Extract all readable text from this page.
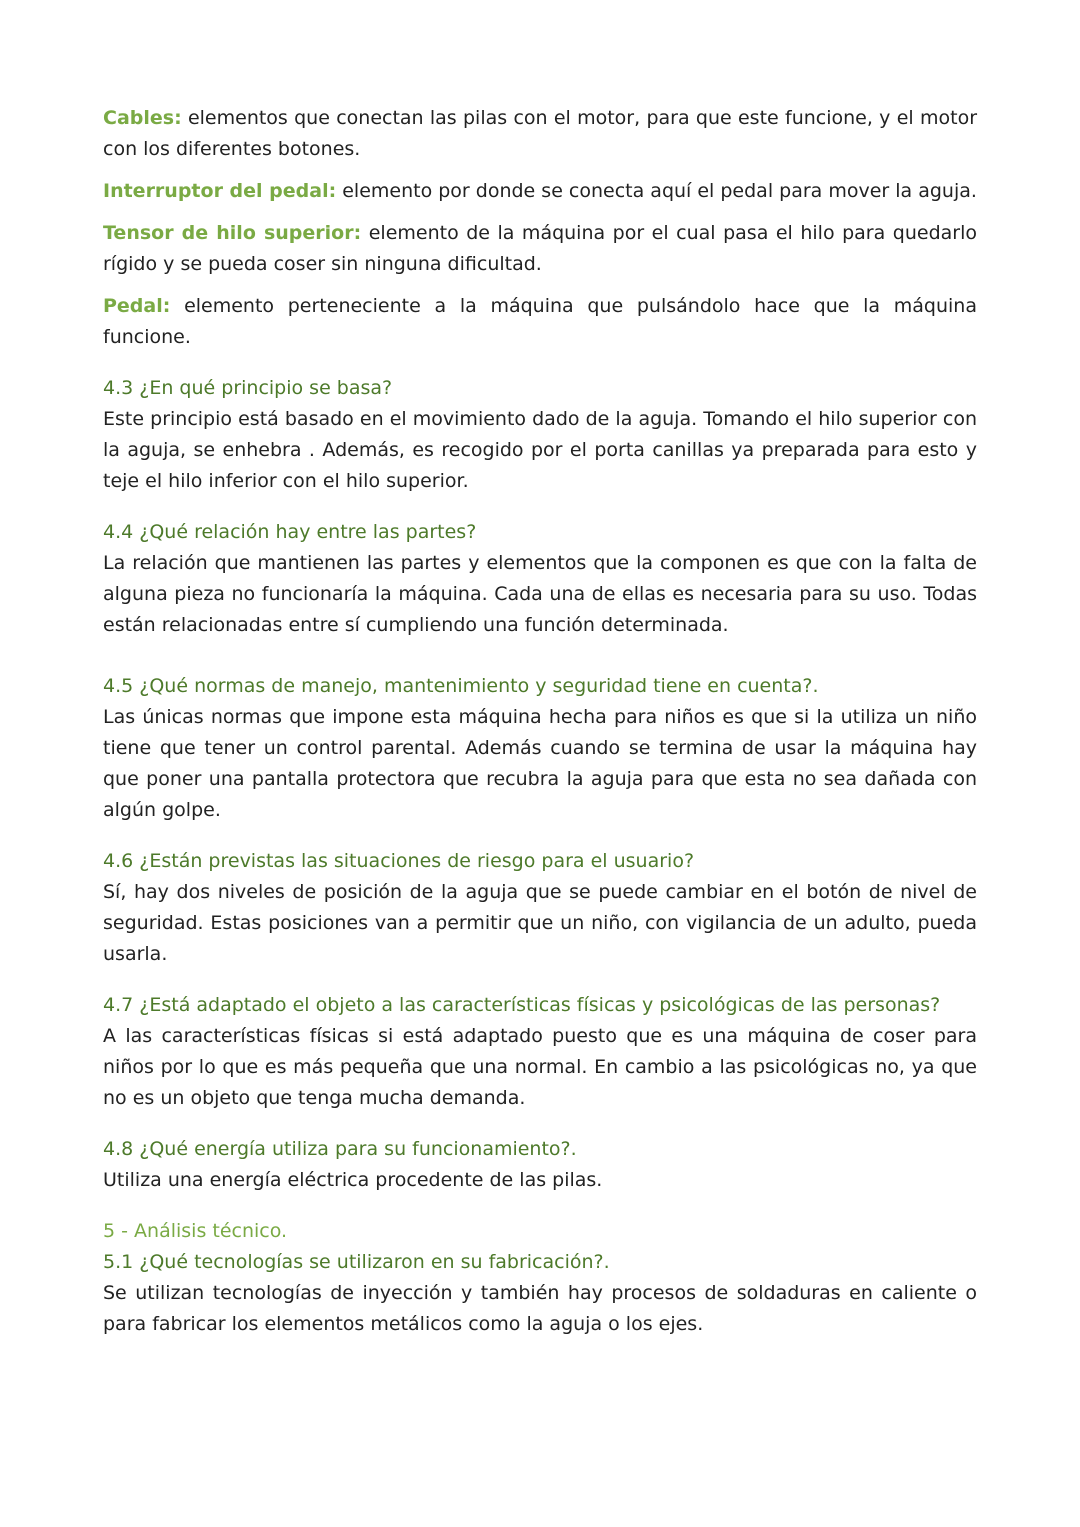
Cables: elementos que conectan las pilas con el motor, para que este funcione, y el motor con los diferentes botones.

Interruptor del pedal: elemento por donde se conecta aquí el pedal para mover la aguja.

Tensor de hilo superior: elemento de la máquina por el cual pasa el hilo para quedarlo rígido y se pueda coser sin ninguna dificultad.

Pedal: elemento perteneciente a la máquina que pulsándolo hace que la máquina funcione.

4.3 ¿En qué principio se basa?

Este principio está basado en el movimiento dado de la aguja. Tomando el hilo superior con la aguja, se enhebra . Además, es recogido por el porta canillas ya preparada para esto y teje el hilo inferior con el hilo superior.

4.4 ¿Qué relación hay entre las partes?

La relación que mantienen las partes y elementos que la componen es que con la falta de alguna pieza no funcionaría la máquina. Cada una de ellas es necesaria para su uso. Todas están relacionadas entre sí cumpliendo una función determinada.

4.5 ¿Qué normas de manejo, mantenimiento y seguridad tiene en cuenta?.

Las únicas normas que impone esta máquina hecha para niños es que si la utiliza un niño tiene que tener un control parental. Además cuando se termina de usar la máquina hay que poner una pantalla protectora que recubra la aguja para que esta no sea dañada con algún golpe.

4.6 ¿Están previstas las situaciones de riesgo para el usuario?

Sí, hay dos niveles de posición de la aguja que se puede cambiar en el botón de nivel de seguridad. Estas posiciones van a permitir que un niño, con vigilancia de un adulto, pueda usarla.

4.7 ¿Está adaptado el objeto a las características físicas y psicológicas de las personas?

A las características físicas si está adaptado puesto que es una máquina de coser para niños por lo que es más pequeña que una normal. En cambio a las psicológicas no, ya que no es un objeto que tenga mucha demanda.

4.8 ¿Qué energía utiliza para su funcionamiento?.

Utiliza una energía eléctrica procedente de las pilas.

5 - Análisis técnico.
5.1 ¿Qué tecnologías se utilizaron en su fabricación?.

Se utilizan tecnologías de inyección y también hay procesos de soldaduras en caliente o para fabricar los elementos metálicos como la aguja o los ejes.
